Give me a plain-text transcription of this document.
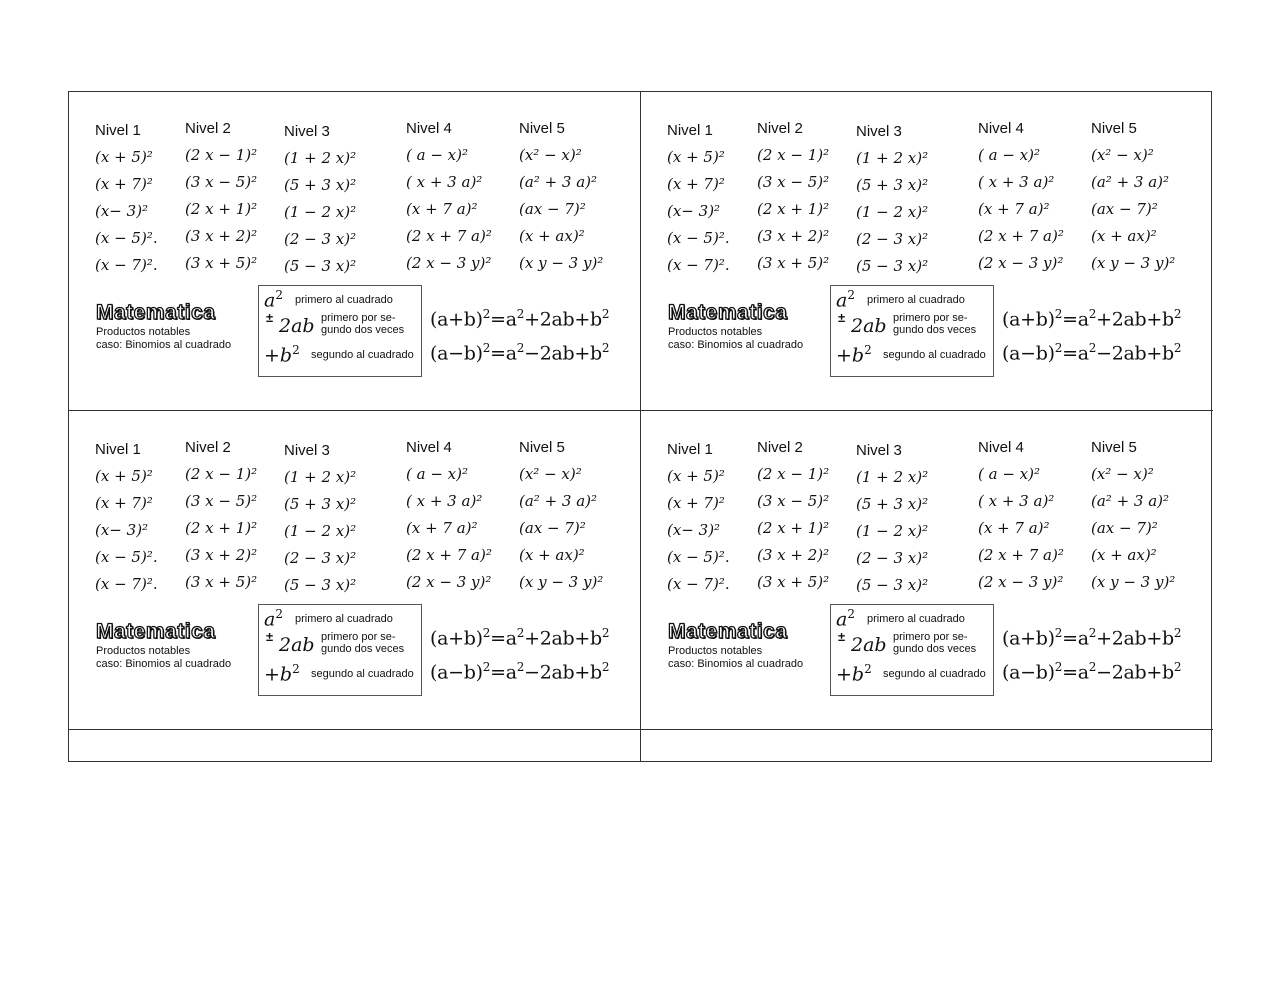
Nivel 1
(x + 5)²
(x + 7)²
(x− 3)²
(x − 5)².
(x − 7)².
Nivel 2
(2 x − 1)²
(3 x − 5)²
(2 x + 1)²
(3 x + 2)²
(3 x + 5)²
Nivel 3
(1 + 2 x)²
(5 + 3 x)²
(1 − 2 x)²
(2 − 3 x)²
(5 − 3 x)²
Nivel 4
( a − x)²
( x + 3 a)²
(x + 7 a)²
(2 x + 7 a)²
(2 x − 3 y)²
Nivel 5
(x² − x)²
(a² + 3 a)²
(ax − 7)²
(x + ax)²
(x y − 3 y)²
Matematica
Productos notables
caso: Binomios al cuadrado
$a^2$ primero al cuadrado
± 2ab primero por se-
gundo dos veces
$+b^2$ segundo al cuadrado
$(a+b)^2=a^2+2ab+b^2$
$(a-b)^2=a^2-2ab+b^2$
Nivel 1
(x + 5)²
(x + 7)²
(x− 3)²
(x − 5)².
(x − 7)².
Nivel 2
(2 x − 1)²
(3 x − 5)²
(2 x + 1)²
(3 x + 2)²
(3 x + 5)²
Nivel 3
(1 + 2 x)²
(5 + 3 x)²
(1 − 2 x)²
(2 − 3 x)²
(5 − 3 x)²
Nivel 4
( a − x)²
( x + 3 a)²
(x + 7 a)²
(2 x + 7 a)²
(2 x − 3 y)²
Nivel 5
(x² − x)²
(a² + 3 a)²
(ax − 7)²
(x + ax)²
(x y − 3 y)²
Matematica
Productos notables
caso: Binomios al cuadrado
$a^2$ primero al cuadrado
± 2ab primero por se-
gundo dos veces
$+b^2$ segundo al cuadrado
$(a+b)^2=a^2+2ab+b^2$
$(a-b)^2=a^2-2ab+b^2$
Nivel 1
(x + 5)²
(x + 7)²
(x− 3)²
(x − 5)².
(x − 7)².
Nivel 2
(2 x − 1)²
(3 x − 5)²
(2 x + 1)²
(3 x + 2)²
(3 x + 5)²
Nivel 3
(1 + 2 x)²
(5 + 3 x)²
(1 − 2 x)²
(2 − 3 x)²
(5 − 3 x)²
Nivel 4
( a − x)²
( x + 3 a)²
(x + 7 a)²
(2 x + 7 a)²
(2 x − 3 y)²
Nivel 5
(x² − x)²
(a² + 3 a)²
(ax − 7)²
(x + ax)²
(x y − 3 y)²
Matematica
Productos notables
caso: Binomios al cuadrado
$a^2$ primero al cuadrado
± 2ab primero por se-
gundo dos veces
$+b^2$ segundo al cuadrado
$(a+b)^2=a^2+2ab+b^2$
$(a-b)^2=a^2-2ab+b^2$
Nivel 1
(x + 5)²
(x + 7)²
(x− 3)²
(x − 5)².
(x − 7)².
Nivel 2
(2 x − 1)²
(3 x − 5)²
(2 x + 1)²
(3 x + 2)²
(3 x + 5)²
Nivel 3
(1 + 2 x)²
(5 + 3 x)²
(1 − 2 x)²
(2 − 3 x)²
(5 − 3 x)²
Nivel 4
( a − x)²
( x + 3 a)²
(x + 7 a)²
(2 x + 7 a)²
(2 x − 3 y)²
Nivel 5
(x² − x)²
(a² + 3 a)²
(ax − 7)²
(x + ax)²
(x y − 3 y)²
Matematica
Productos notables
caso: Binomios al cuadrado
$a^2$ primero al cuadrado
± 2ab primero por se-
gundo dos veces
$+b^2$ segundo al cuadrado
$(a+b)^2=a^2+2ab+b^2$
$(a-b)^2=a^2-2ab+b^2$
